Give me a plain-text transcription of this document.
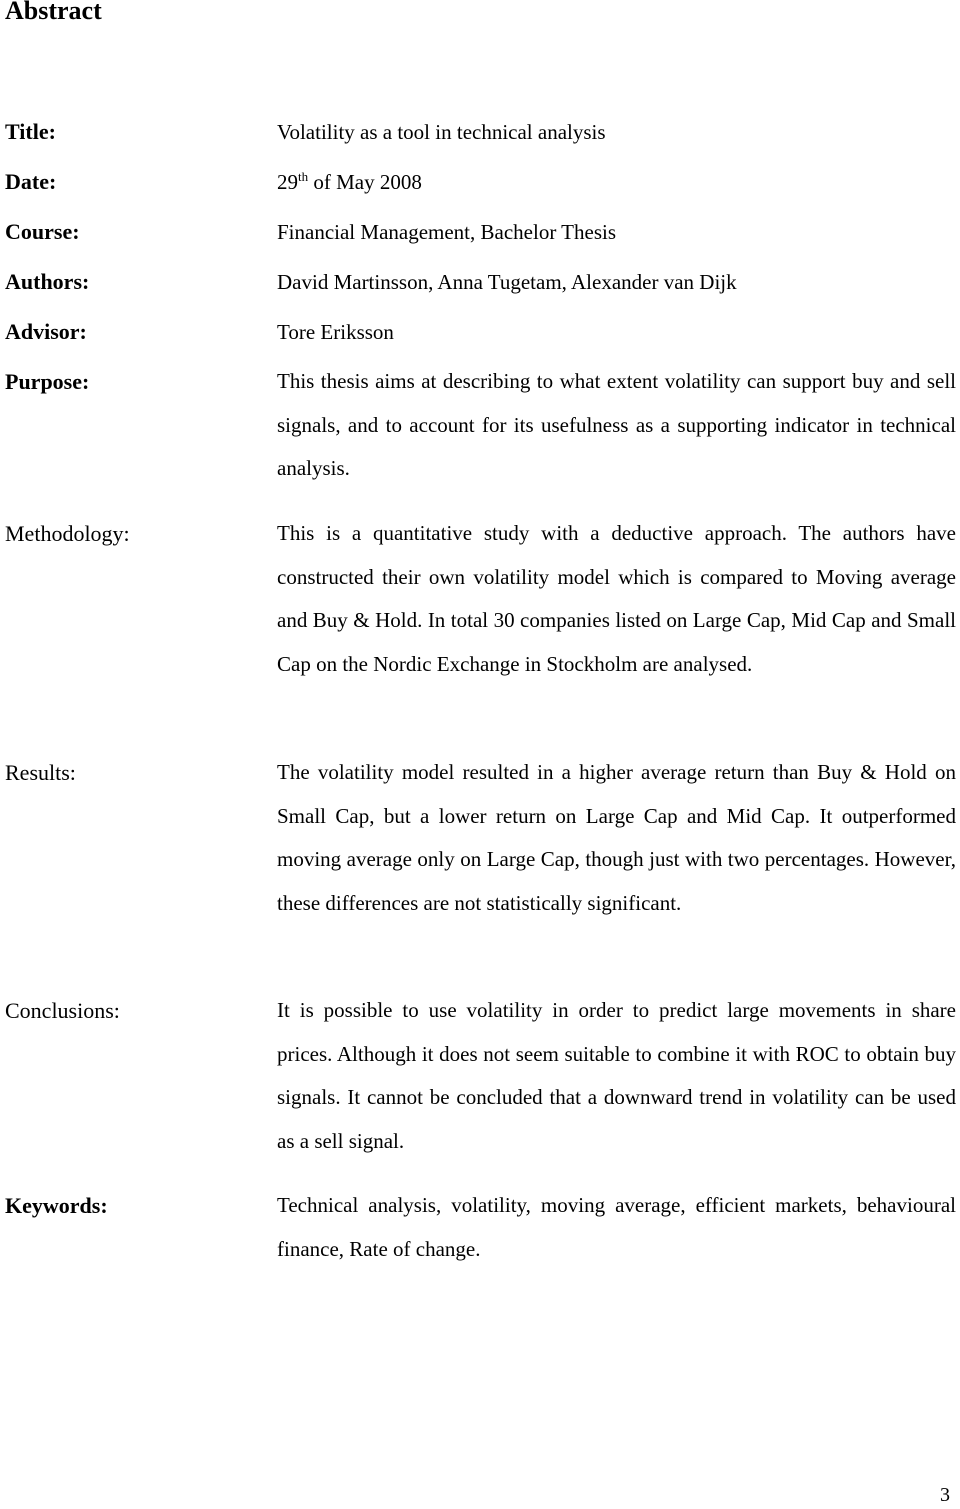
Abstract
Title:	Volatility as a tool in technical analysis
Date:	29th of May 2008
Course:	Financial Management, Bachelor Thesis
Authors:	David Martinsson, Anna Tugetam, Alexander van Dijk
Advisor:	Tore Eriksson
Purpose:	This thesis aims at describing to what extent volatility can support buy and sell signals, and to account for its usefulness as a supporting indicator in technical analysis.
Methodology:	This is a quantitative study with a deductive approach. The authors have constructed their own volatility model which is compared to Moving average and Buy & Hold. In total 30 companies listed on Large Cap, Mid Cap and Small Cap on the Nordic Exchange in Stockholm are analysed.
Results:	The volatility model resulted in a higher average return than Buy & Hold on Small Cap, but a lower return on Large Cap and Mid Cap. It outperformed moving average only on Large Cap, though just with two percentages. However, these differences are not statistically significant.
Conclusions:	It is possible to use volatility in order to predict large movements in share prices. Although it does not seem suitable to combine it with ROC to obtain buy signals. It cannot be concluded that a downward trend in volatility can be used as a sell signal.
Keywords:	Technical analysis, volatility, moving average, efficient markets, behavioural finance, Rate of change.
3
